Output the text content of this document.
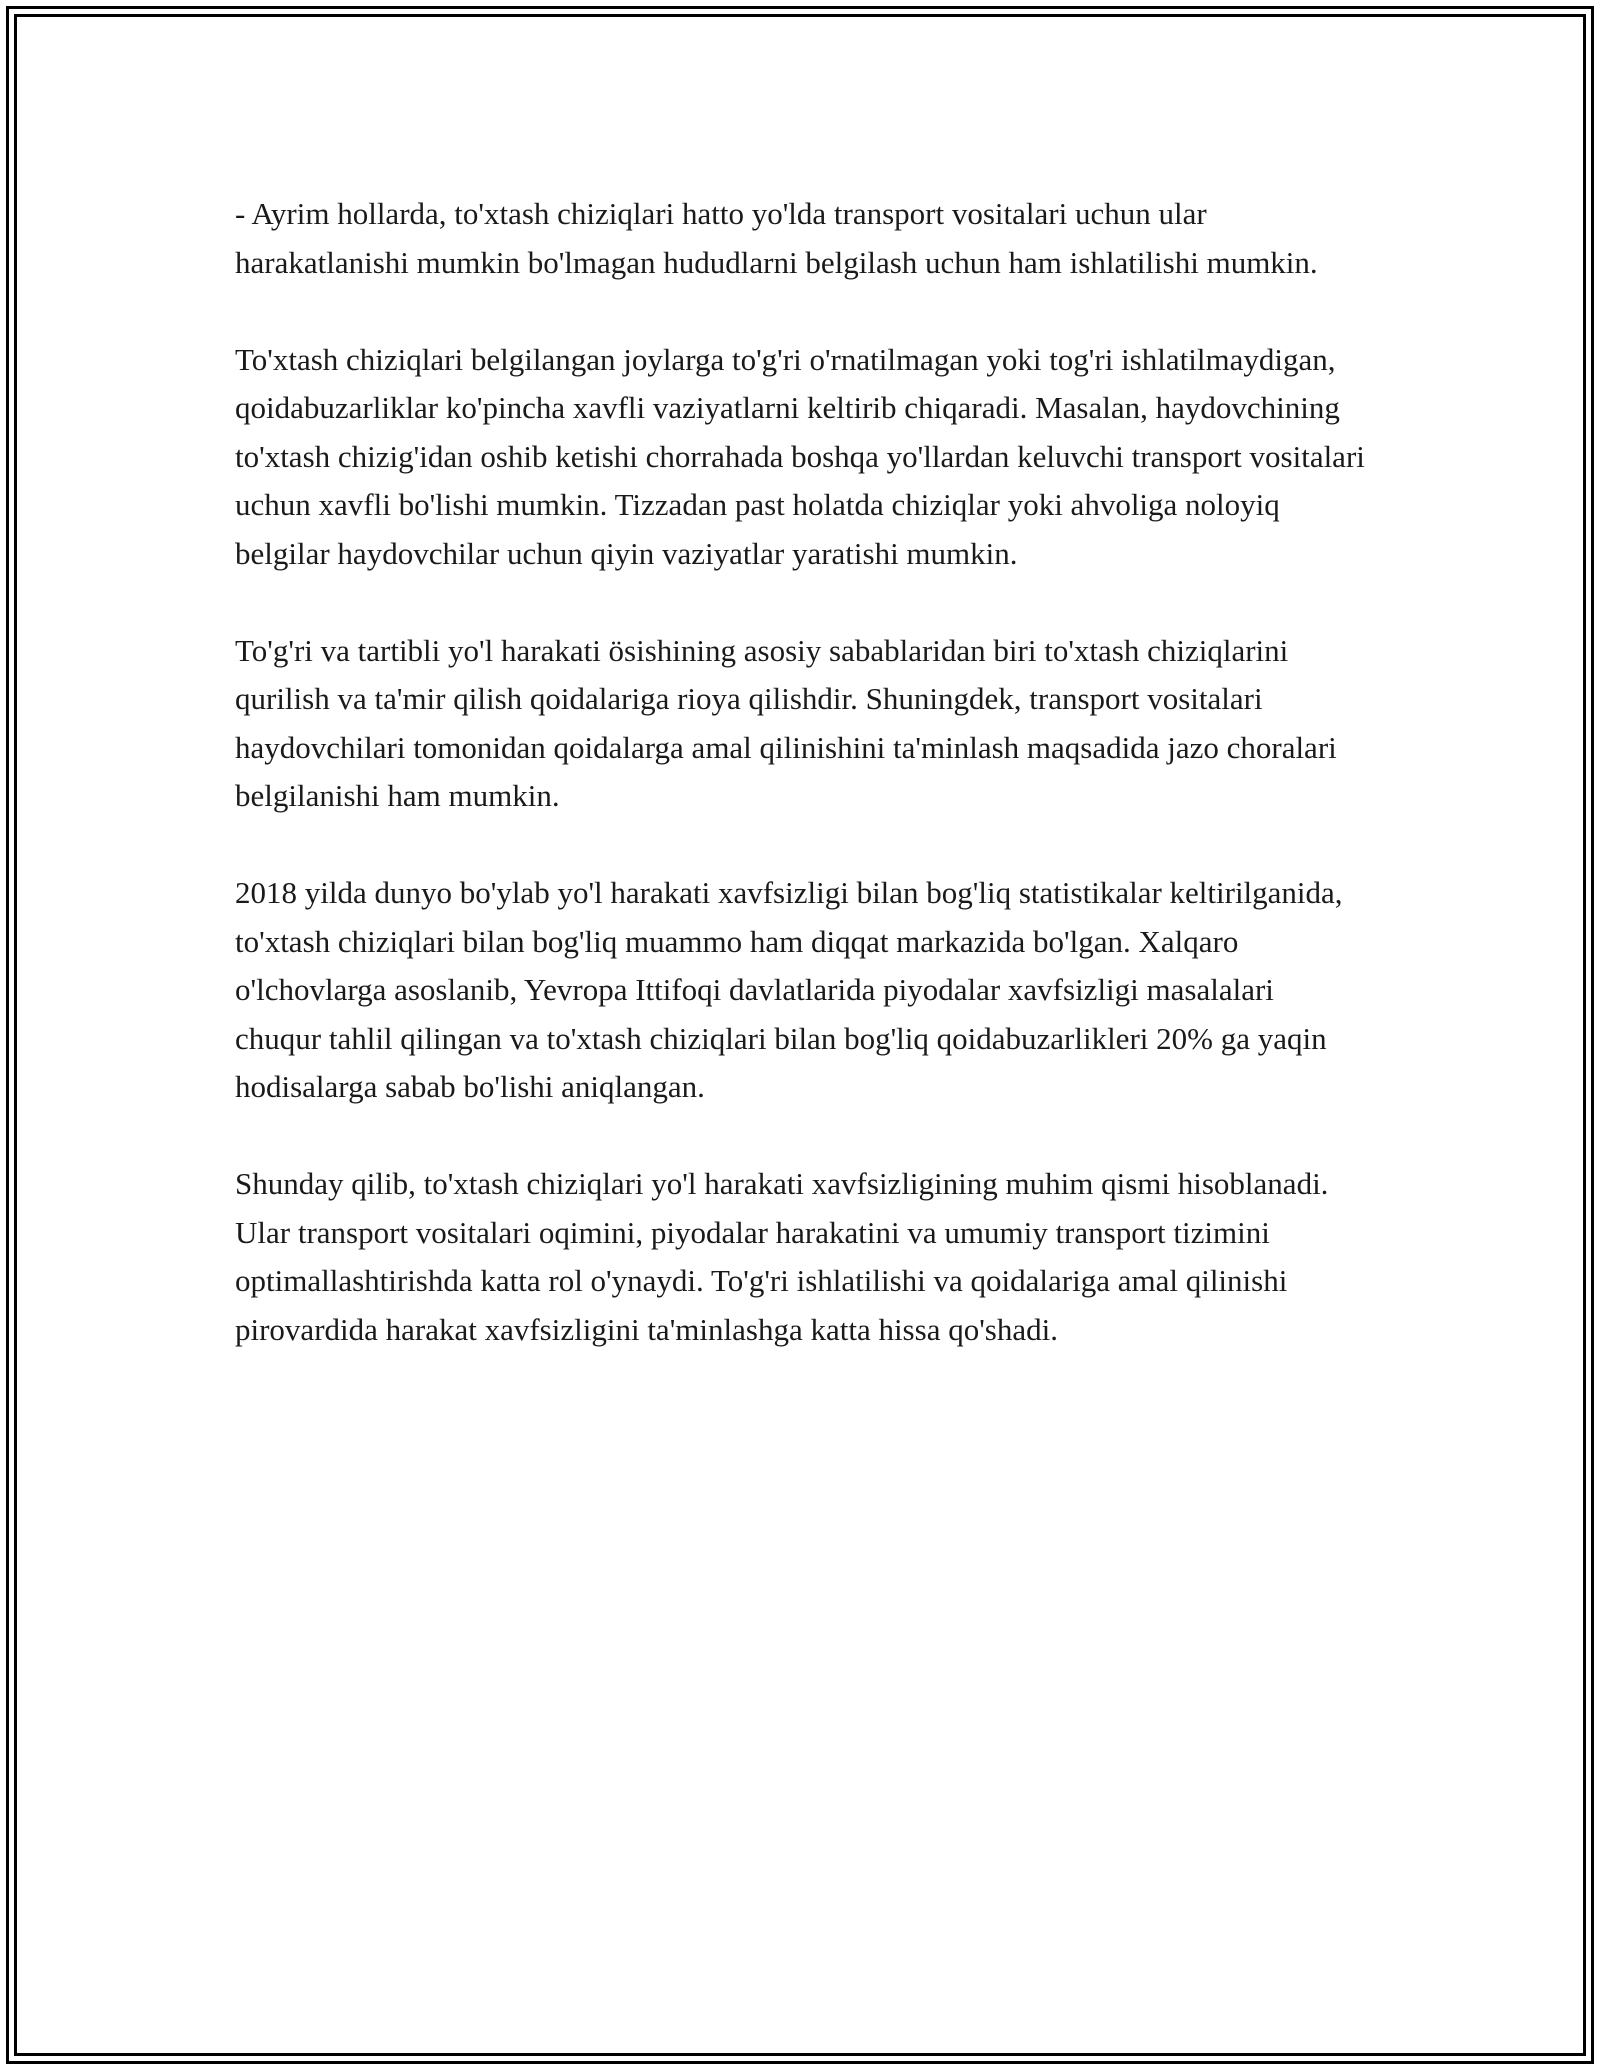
- Ayrim hollarda, to'xtash chiziqlari hatto yo'lda transport vositalari uchun ular harakatlanishi mumkin bo'lmagan hududlarni belgilash uchun ham ishlatilishi mumkin.

To'xtash chiziqlari belgilangan joylarga to'g'ri o'rnatilmagan yoki tog'ri ishlatilmaydigan, qoidabuzarliklar ko'pincha xavfli vaziyatlarni keltirib chiqaradi. Masalan, haydovchining to'xtash chizig'idan oshib ketishi chorrahada boshqa yo'llardan keluvchi transport vositalari uchun xavfli bo'lishi mumkin. Tizzadan past holatda chiziqlar yoki ahvoliga noloyiq belgilar haydovchilar uchun qiyin vaziyatlar yaratishi mumkin.

To'g'ri va tartibli yo'l harakati ösishining asosiy sabablaridan biri to'xtash chiziqlarini qurilish va ta'mir qilish qoidalariga rioya qilishdir. Shuningdek, transport vositalari haydovchilari tomonidan qoidalarga amal qilinishini ta'minlash maqsadida jazo choralari belgilanishi ham mumkin.

2018 yilda dunyo bo'ylab yo'l harakati xavfsizligi bilan bog'liq statistikalar keltirilganida, to'xtash chiziqlari bilan bog'liq muammo ham diqqat markazida bo'lgan. Xalqaro o'lchovlarga asoslanib, Yevropa Ittifoqi davlatlarida piyodalar xavfsizligi masalalari chuqur tahlil qilingan va to'xtash chiziqlari bilan bog'liq qoidabuzarlikleri 20% ga yaqin hodisalarga sabab bo'lishi aniqlangan.

Shunday qilib, to'xtash chiziqlari yo'l harakati xavfsizligining muhim qismi hisoblanadi. Ular transport vositalari oqimini, piyodalar harakatini va umumiy transport tizimini optimallashtirishda katta rol o'ynaydi. To'g'ri ishlatilishi va qoidalariga amal qilinishi pirovardida harakat xavfsizligini ta'minlashga katta hissa qo'shadi.
